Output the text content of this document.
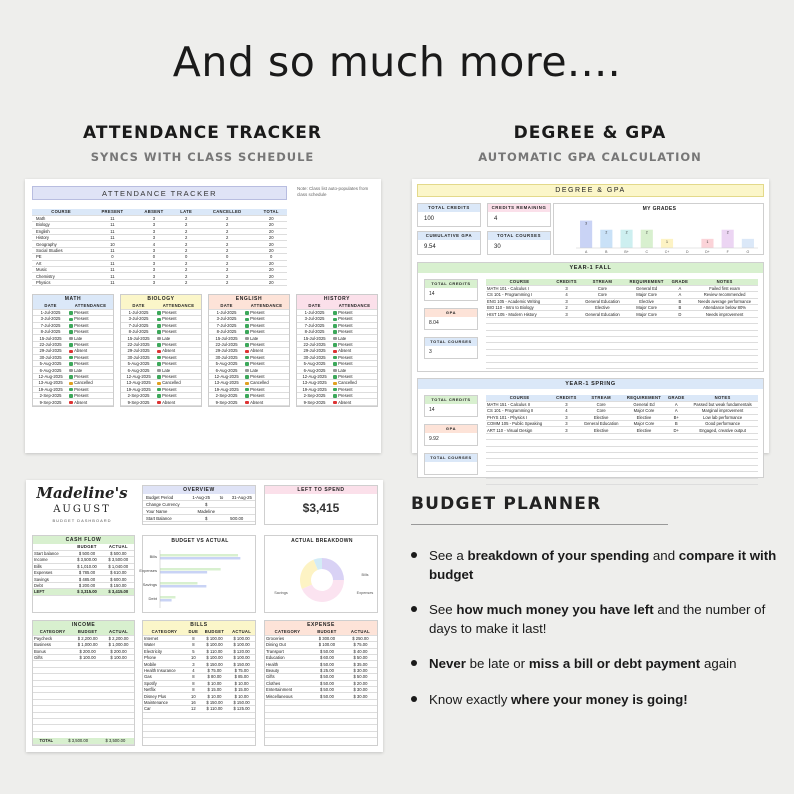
And so much more....
ATTENDANCE TRACKER
SYNCS WITH CLASS SCHEDULE
DEGREE & GPA
AUTOMATIC GPA CALCULATION
ATTENDANCE TRACKER
Note: Class list auto-populates from class schedule
COURSE	PRESENT	ABSENT	LATE	CANCELLED	TOTAL
Math	11	3	2	2	20
Biology	11	3	2	2	20
English	11	3	2	2	20
History	11	3	2	2	20
Geography	10	4	2	2	20
Social Studies	11	3	2	2	20
PE	0	0	0	0	0
Art	11	3	2	2	20
Music	11	3	2	2	20
Chemistry	11	3	2	2	20
Physics	11	3	2	2	20
MATH
DATE	ATTENDANCE
1-Jul-2025	Present
3-Jul-2025	Present
7-Jul-2025	Present
8-Jul-2025	Present
15-Jul-2025	Late
22-Jul-2025	Present
29-Jul-2025	Absent
30-Jul-2025	Present
5-Aug-2025	Present
6-Aug-2025	Late
12-Aug-2025	Present
13-Aug-2025	Cancelled
19-Aug-2025	Present
2-Sep-2025	Present
9-Sep-2025	Absent
BIOLOGY
DATE	ATTENDANCE
1-Jul-2025	Present
3-Jul-2025	Present
7-Jul-2025	Present
8-Jul-2025	Present
15-Jul-2025	Late
22-Jul-2025	Present
29-Jul-2025	Absent
30-Jul-2025	Present
5-Aug-2025	Present
6-Aug-2025	Late
12-Aug-2025	Present
13-Aug-2025	Cancelled
19-Aug-2025	Present
2-Sep-2025	Present
9-Sep-2025	Absent
ENGLISH
DATE	ATTENDANCE
1-Jul-2025	Present
3-Jul-2025	Present
7-Jul-2025	Present
8-Jul-2025	Present
15-Jul-2025	Late
22-Jul-2025	Present
29-Jul-2025	Absent
30-Jul-2025	Present
5-Aug-2025	Present
6-Aug-2025	Late
12-Aug-2025	Present
13-Aug-2025	Cancelled
19-Aug-2025	Present
2-Sep-2025	Present
9-Sep-2025	Absent
HISTORY
DATE	ATTENDANCE
1-Jul-2025	Present
3-Jul-2025	Present
7-Jul-2025	Present
8-Jul-2025	Present
15-Jul-2025	Late
22-Jul-2025	Present
29-Jul-2025	Absent
30-Jul-2025	Present
5-Aug-2025	Present
6-Aug-2025	Late
12-Aug-2025	Present
13-Aug-2025	Cancelled
19-Aug-2025	Present
2-Sep-2025	Present
9-Sep-2025	Absent
DEGREE & GPA
TOTAL CREDITS
100
CREDITS REMAINING
4
CUMULATIVE GPA
9.54
TOTAL COURSES
30
MY GRADES
3
A
2
B
2
B+
2
C
1
C+	D
1
D+
2
F	O
YEAR-1 FALL
TOTAL CREDITS
14
GPA
8.04
TOTAL COURSES
3
COURSE	CREDITS	STREAM	REQUIREMENT	GRADE	NOTES
MATH 101 - Calculus I	3	Core	General Ed	A	Failed first exam
CS 101 - Programming I	4	Core	Major Core	A	Review recommended
ENG 105 - Academic Writing	3	General Education	Elective	B	Needs average performance
BIO 110 - Intro to Biology	2	Elective	Major Core	B	Attendance below 80%
HIST 105 - Modern History	3	General Education	Major Core	D	Needs improvement

YEAR-1 SPRING
TOTAL CREDITS
14
GPA
9.92
TOTAL COURSES
COURSE	CREDITS	STREAM	REQUIREMENT	GRADE	NOTES
MATH 151 - Calculus II	3	Core	General Ed	A	Passed but weak fundamentals
CS 101 - Programming II	4	Core	Major Core	A	Marginal improvement
PHYS 101 - Physics I	3	Elective	Elective	B+	Low lab performance
COMM 105 - Public Speaking	3	General Education	Major Core	B	Good performance
ART 110 - Visual Design	3	Elective	Elective	D+	Engaged, creative output

Madeline's
AUGUST
BUDGET DASHBOARD
OVERVIEW
Budget Period	1-Aug-25	to	31-Aug-25
Change Currency	$
Your Name	Madeline
Start Balance	$	500.00
LEFT TO SPEND
$3,415
CASH FLOW
	BUDGET	ACTUAL
Start balance	$ 500.00	$ 500.00
Income	$ 3,500.00	$ 3,500.00
Bills	$ 1,010.00	$ 1,040.00
Expenses	$ 785.00	$ 610.00
Savings	$ 485.00	$ 600.00
Debt	$ 200.00	$ 150.00
LEFT	$ 3,315.00	$ 3,415.00
BUDGET VS ACTUAL
Bills
Expenses
Savings
Debt
ACTUAL BREAKDOWN
Savings
Bills
Expenses
INCOME
CATEGORY	BUDGET	ACTUAL
Paycheck	$ 2,200.00	$ 2,200.00
Business	$ 1,000.00	$ 1,000.00
Bonus	$ 200.00	$ 200.00
Gifts	$ 100.00	$ 100.00

TOTAL	$ 3,500.00	$ 3,500.00
BILLS
CATEGORY	DUE	BUDGET	ACTUAL
Internet	8	$ 100.00	$ 100.00
Water	8	$ 100.00	$ 100.00
Electricity	5	$ 110.00	$ 120.00
Phone	10	$ 100.00	$ 100.00
Mobile	3	$ 150.00	$ 150.00
Health Insurance	4	$ 75.00	$ 75.00
Gas	8	$ 80.00	$ 85.00
Spotify	8	$ 10.00	$ 10.00
Netflix	8	$ 15.00	$ 15.00
Disney Plus	10	$ 10.00	$ 10.00
Maintenance	16	$ 150.00	$ 150.00
Car	12	$ 110.00	$ 125.00

EXPENSE
CATEGORY	BUDGET	ACTUAL
Groceries	$ 300.00	$ 250.00
Dining Out	$ 100.00	$ 75.00
Transport	$ 50.00	$ 40.00
Education	$ 60.00	$ 50.00
Health	$ 50.00	$ 35.00
Beauty	$ 25.00	$ 30.00
Gifts	$ 50.00	$ 50.00
Clothes	$ 50.00	$ 20.00
Entertainment	$ 50.00	$ 30.00
Miscellaneous	$ 50.00	$ 30.00

BUDGET PLANNER
See a breakdown of your spending and compare it with budget
See how much money you have left and the number of days to make it last!
Never be late or miss a bill or debt payment again
Know exactly where your money is going!
